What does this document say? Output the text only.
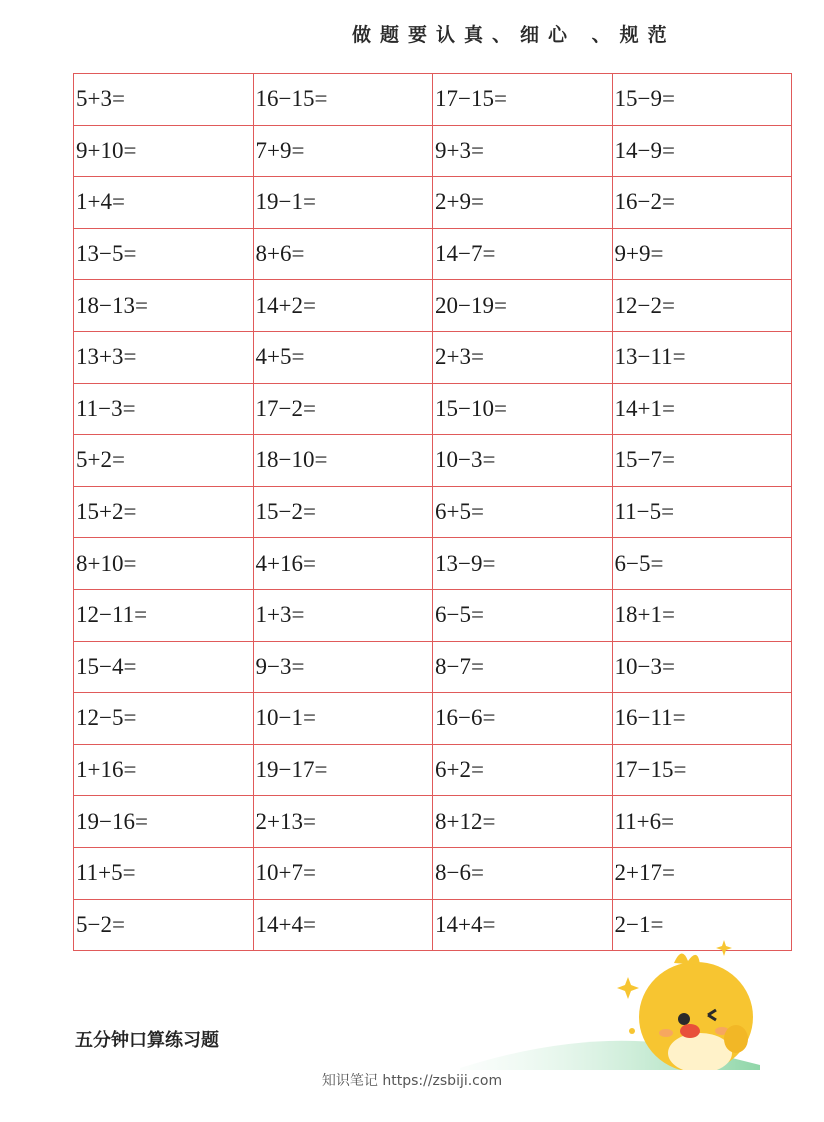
做题要认真、细心 、规范
5+3=	16−15=	17−15=	15−9=
9+10=	7+9=	9+3=	14−9=
1+4=	19−1=	2+9=	16−2=
13−5=	8+6=	14−7=	9+9=
18−13=	14+2=	20−19=	12−2=
13+3=	4+5=	2+3=	13−11=
11−3=	17−2=	15−10=	14+1=
5+2=	18−10=	10−3=	15−7=
15+2=	15−2=	6+5=	11−5=
8+10=	4+16=	13−9=	6−5=
12−11=	1+3=	6−5=	18+1=
15−4=	9−3=	8−7=	10−3=
12−5=	10−1=	16−6=	16−11=
1+16=	19−17=	6+2=	17−15=
19−16=	2+13=	8+12=	11+6=
11+5=	10+7=	8−6=	2+17=
5−2=	14+4=	14+4=	2−1=
五分钟口算练习题
知识笔记 https://zsbiji.com
